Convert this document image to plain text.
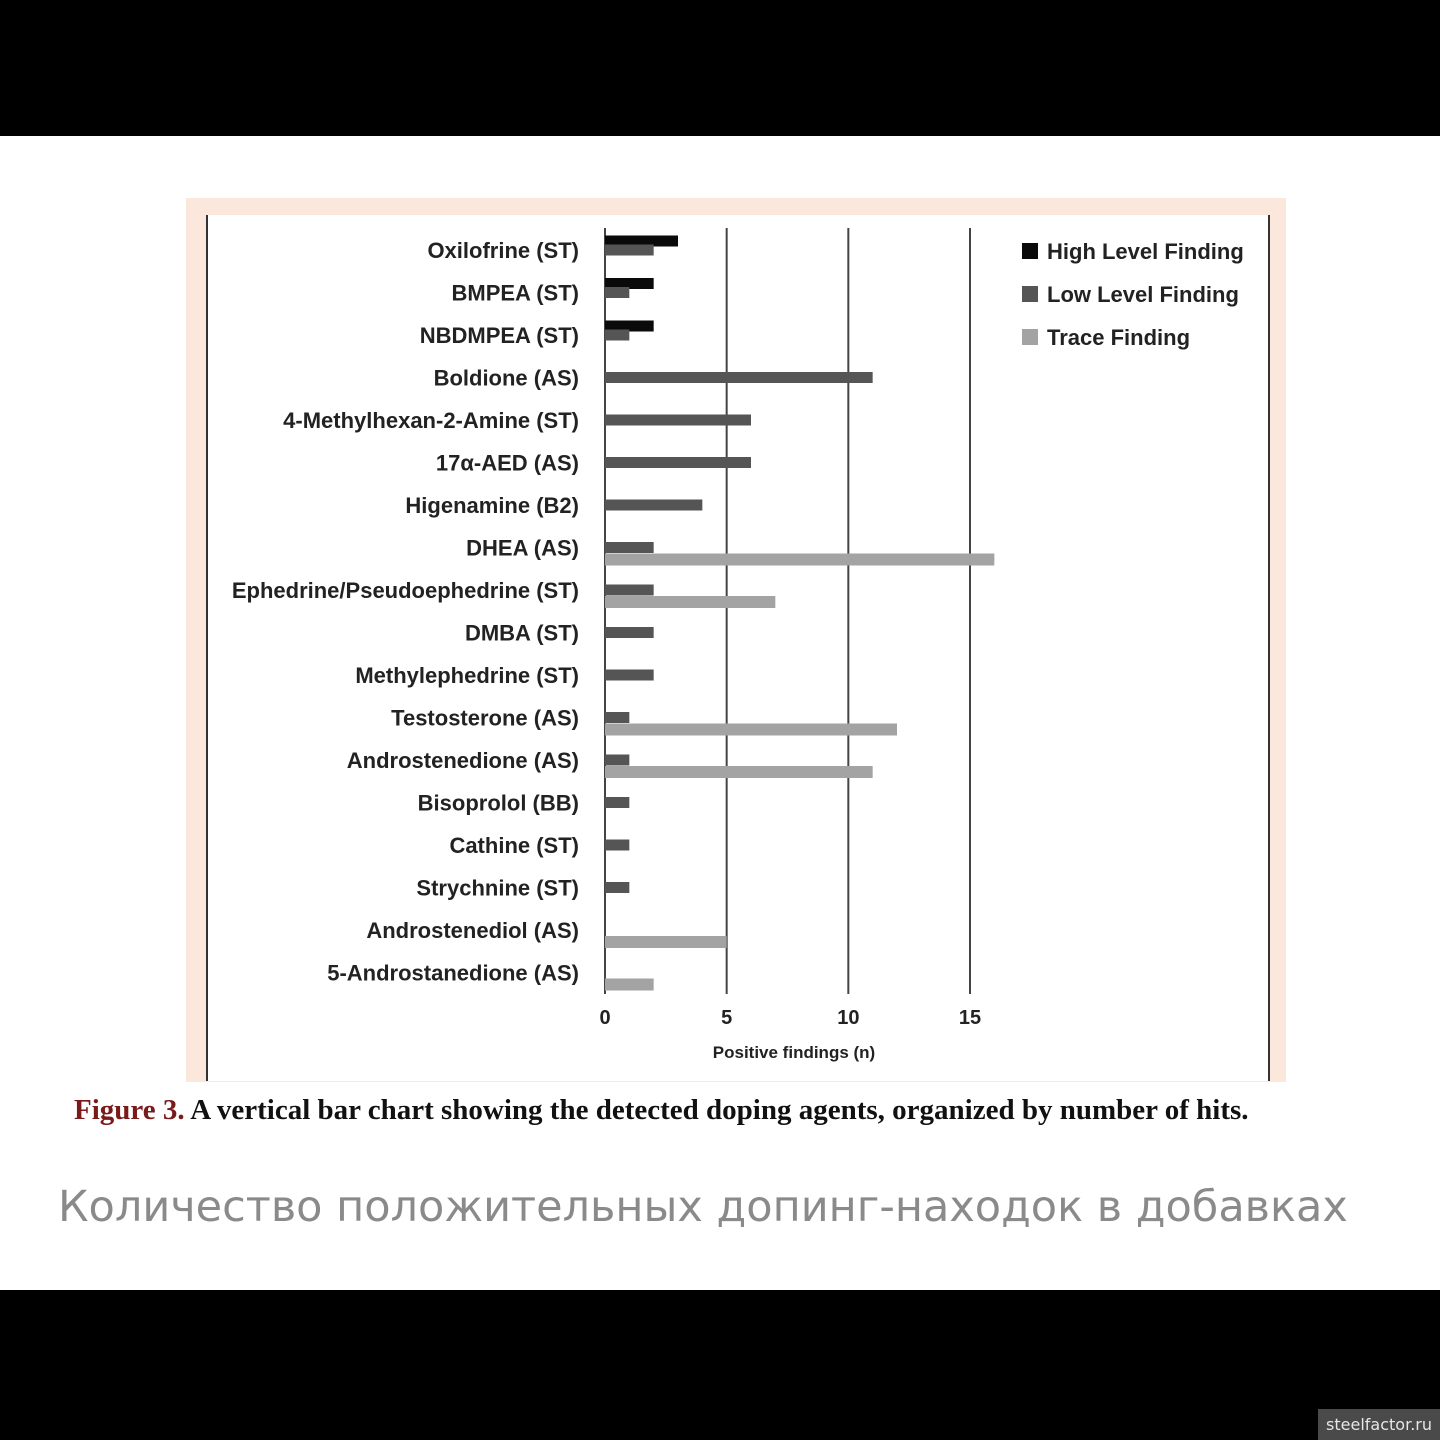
0	5	10	15
Positive findings (n)
Oxilofrine (ST)
BMPEA (ST)
NBDMPEA (ST)
Boldione (AS)
4-Methylhexan-2-Amine (ST)
17α-AED (AS)
Higenamine (B2)
DHEA (AS)
Ephedrine/Pseudoephedrine (ST)
DMBA (ST)
Methylephedrine (ST)
Testosterone (AS)
Androstenedione (AS)
Bisoprolol (BB)
Cathine (ST)
Strychnine (ST)
Androstenediol (AS)
5-Androstanedione (AS)
High Level Finding
Low Level Finding
Trace Finding
Figure 3. A vertical bar chart showing the detected doping agents, organized by number of hits.
Количество положительных допинг-находок в добавках
steelfactor.ru
